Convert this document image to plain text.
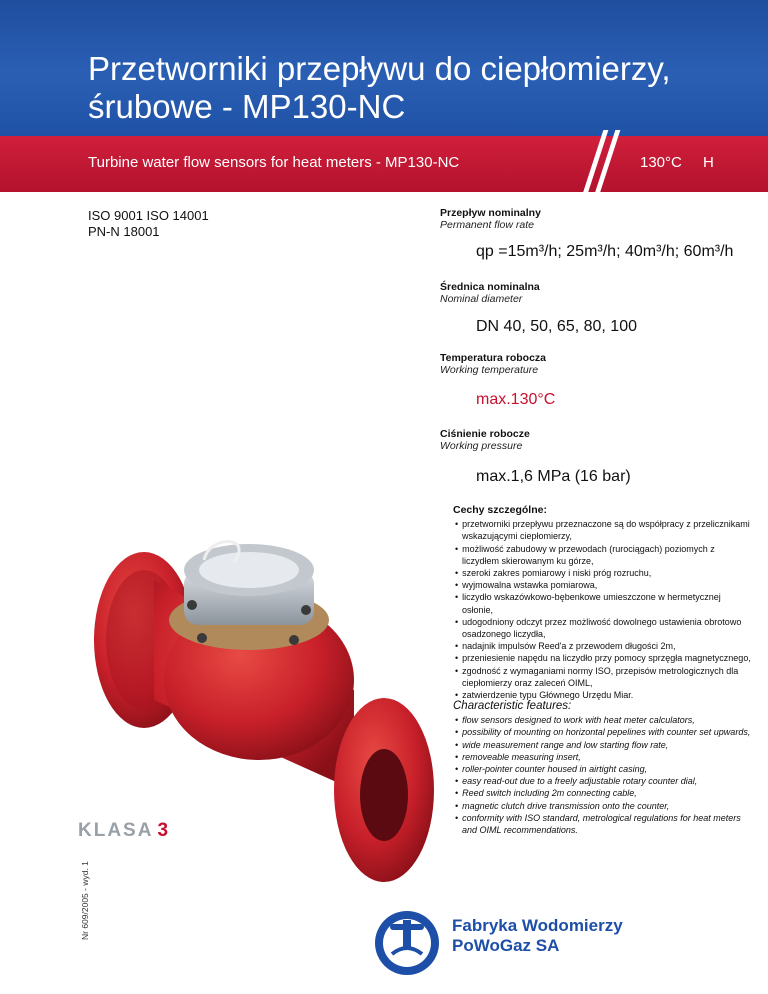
Przetworniki przepływu do ciepłomierzy,
śrubowe - MP130-NC
Turbine water flow sensors for heat meters - MP130-NC	130°C H
ISO 9001 ISO 14001
PN-N 18001
Przepływ nominalny
Permanent flow rate
qp =15m³/h; 25m³/h; 40m³/h; 60m³/h
Średnica nominalna
Nominal diameter
DN 40, 50, 65, 80, 100
Temperatura robocza
Working temperature
max.130°C
Ciśnienie robocze
Working pressure
max.1,6 MPa (16 bar)
Cechy szczególne:
• przetworniki przepływu przeznaczone są do współpracy z przelicznikami wskazującymi ciepłomierzy,
• możliwość zabudowy w przewodach (rurociągach) poziomych z liczydłem skierowanym ku górze,
• szeroki zakres pomiarowy i niski próg rozruchu,
• wyjmowalna wstawka pomiarowa,
• liczydło wskazówkowo-bębenkowe umieszczone w hermetycznej osłonie,
• udogodniony odczyt przez możliwość dowolnego ustawienia obrotowo osadzonego liczydła,
• nadajnik impulsów Reed'a z przewodem długości 2m,
• przeniesienie napędu na liczydło przy pomocy sprzęgła magnetycznego,
• zgodność z wymaganiami normy ISO, przepisów metrologicznych dla ciepłomierzy oraz zaleceń OIML,
• zatwierdzenie typu Głównego Urzędu Miar.
Characteristic features:
• flow sensors designed to work with heat meter calculators,
• possibility of mounting on horizontal pepelines with counter set upwards,
• wide measurement range and low starting flow rate,
• removeable measuring insert,
• roller-pointer counter housed in airtight casing,
• easy read-out due to a freely adjustable rotary counter dial,
• Reed switch including 2m connecting cable,
• magnetic clutch drive transmission onto the counter,
• conformity with ISO standard, metrological regulations for heat meters and OIML recommendations.
KLASA 3
Nr 609/2005 - wyd. 1	Fabryka Wodomierzy
PoWoGaz SA
